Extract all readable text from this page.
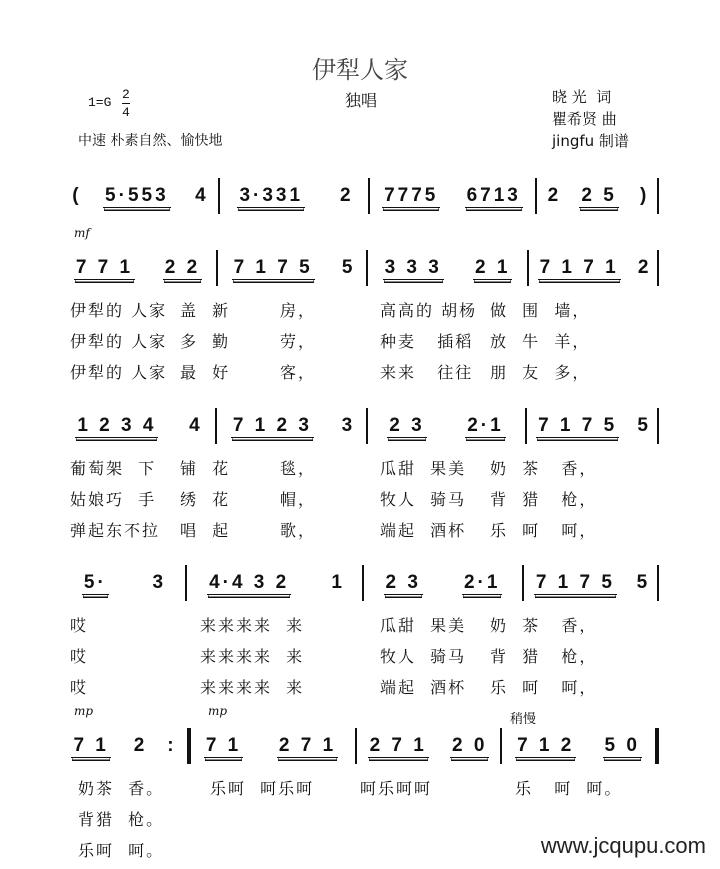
伊犁人家
独唱
1=G
2
4
中速 朴素自然、愉快地
晓 光  词
瞿希贤 曲
jingfu 制谱
稍慢
( 5·553 4 3·331 2 7775 6713 2 2 5 )
mf
7 7 1 2 2 7 1 7 5 5 3 3 3 2 1 7 1 7 1 2
伊犁的 人家 盖  新	房，	高高的 胡杨 做  围  墙，
伊犁的 人家 多  勤	劳，	种麦   插稻 放  牛  羊，
伊犁的 人家 最  好	客，	来来   往往 朋  友  多，
1 2 3 4 4 7 1 2 3 3 2 3 2·1 7 1 7 5 5
葡萄架  下 铺  花	毯，	瓜甜  果美 奶  茶   香，
姑娘巧  手 绣  花	帽，	牧人  骑马 背  猎   枪，
弹起东不拉 唱  起	歌，	端起  酒杯 乐  呵   呵，
5· 3 4·4 3 2 1 2 3 2·1 7 1 7 5 5
哎	来来来来  来	瓜甜  果美 奶  茶   香，
哎	来来来来  来	牧人  骑马 背  猎   枪，
哎	来来来来  来	端起  酒杯 乐  呵   呵，
mp	mp
7 1 2 : 7 1 2 7 1 2 7 1 2 0 7 1 2 5 0
奶茶  香。	乐呵  呵乐呵	呵乐呵呵	乐   呵  呵。
背猎  枪。
乐呵  呵。	www.jcqupu.com
